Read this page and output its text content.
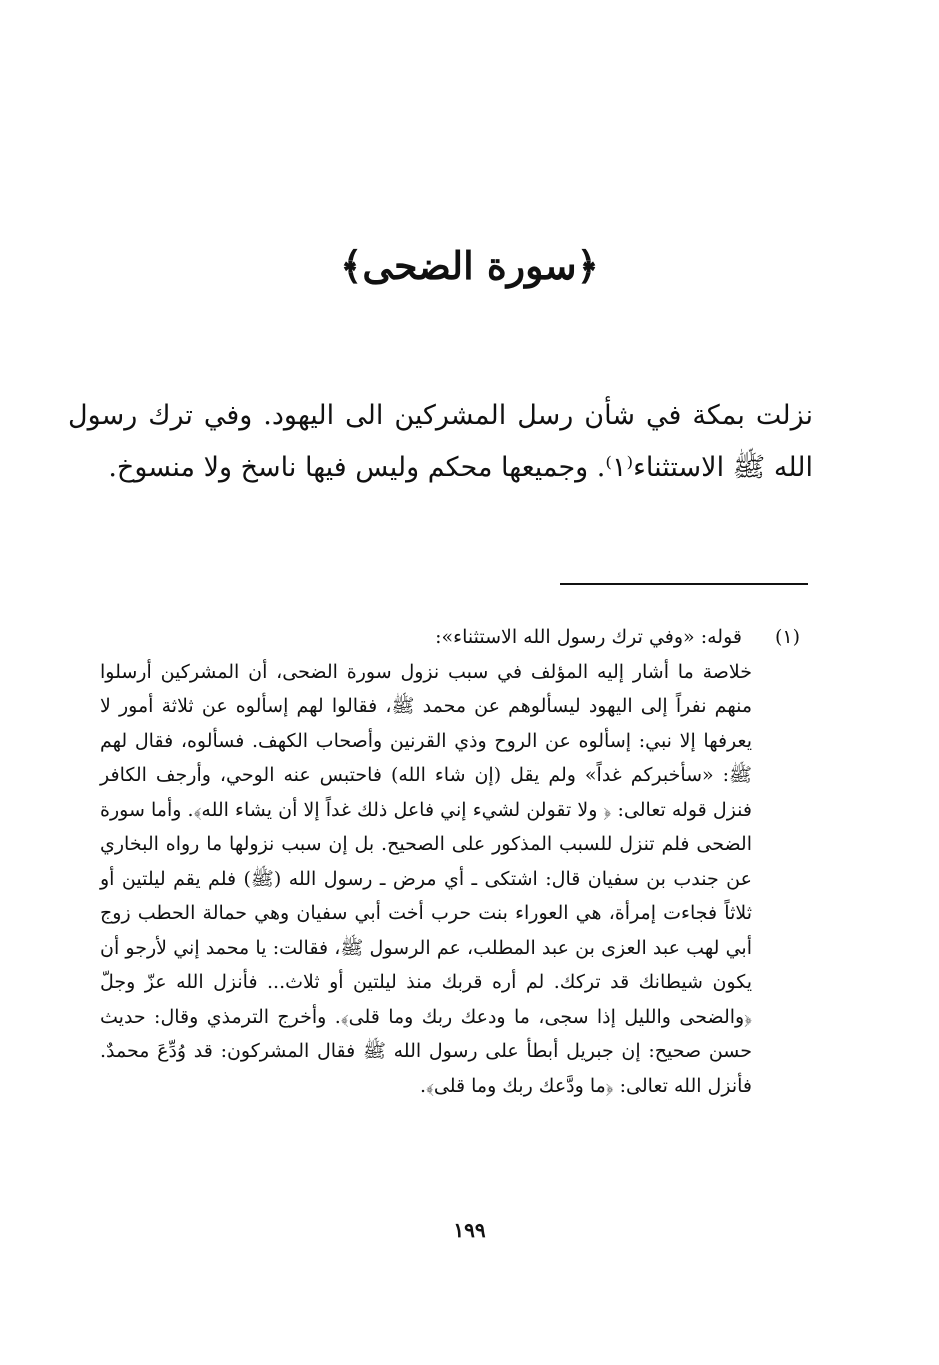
﴿سورة الضحى﴾

نزلت بمكة في شأن رسل المشركين الى اليهود. وفي ترك رسول الله ﷺ الاستثناء⁽١⁾. وجميعها محكم وليس فيها ناسخ ولا منسوخ.

(١)
قوله: «وفي ترك رسول الله الاستثناء»:

خلاصة ما أشار إليه المؤلف في سبب نزول سورة الضحى، أن المشركين أرسلوا منهم نفراً إلى اليهود ليسألوهم عن محمد ﷺ، فقالوا لهم إسألوه عن ثلاثة أمور لا يعرفها إلا نبي: إسألوه عن الروح وذي القرنين وأصحاب الكهف. فسألوه، فقال لهم ﷺ: «سأخبركم غداً» ولم يقل (إن شاء الله) فاحتبس عنه الوحي، وأرجف الكافر فنزل قوله تعالى: ﴿ ولا تقولن لشيء إني فاعل ذلك غداً إلا أن يشاء الله﴾. وأما سورة الضحى فلم تنزل للسبب المذكور على الصحيح. بل إن سبب نزولها ما رواه البخاري عن جندب بن سفيان قال: اشتكى ـ أي مرض ـ رسول الله (ﷺ) فلم يقم ليلتين أو ثلاثاً فجاءت إمرأة، هي العوراء بنت حرب أخت أبي سفيان وهي حمالة الحطب زوج أبي لهب عبد العزى بن عبد المطلب، عم الرسول ﷺ، فقالت: يا محمد إني لأرجو أن يكون شيطانك قد تركك. لم أره قربك منذ ليلتين أو ثلاث... فأنزل الله عزّ وجلّ ﴿والضحى والليل إذا سجى، ما ودعك ربك وما قلى﴾. وأخرج الترمذي وقال: حديث حسن صحيح: إن جبريل أبطأ على رسول الله ﷺ فقال المشركون: قد وُدِّعَ محمدٌ. فأنزل الله تعالى: ﴿ما ودَّعك ربك وما قلى﴾.

١٩٩
